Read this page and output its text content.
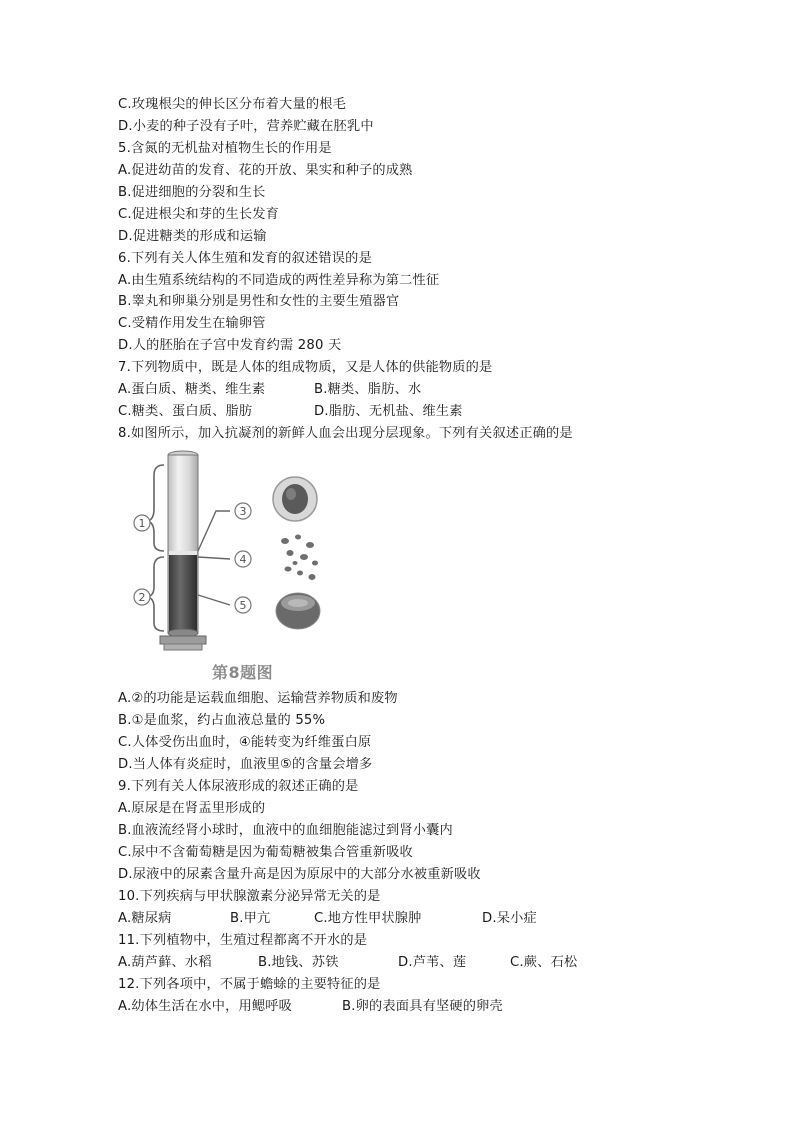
C.玫瑰根尖的伸长区分布着大量的根毛
D.小麦的种子没有子叶，营养贮藏在胚乳中
5.含氮的无机盐对植物生长的作用是
A.促进幼苗的发育、花的开放、果实和种子的成熟
B.促进细胞的分裂和生长
C.促进根尖和芽的生长发育
D.促进糖类的形成和运输
6.下列有关人体生殖和发育的叙述错误的是
A.由生殖系统结构的不同造成的两性差异称为第二性征
B.睾丸和卵巢分别是男性和女性的主要生殖器官
C.受精作用发生在输卵管
D.人的胚胎在子宫中发育约需 280 天
7.下列物质中，既是人体的组成物质，又是人体的供能物质的是
A.蛋白质、糖类、维生素	B.糖类、脂肪、水
C.糖类、蛋白质、脂肪	D.脂肪、无机盐、维生素
8.如图所示，加入抗凝剂的新鲜人血会出现分层现象。下列有关叙述正确的是
1
2
3
4
5
第8题图
A.②的功能是运载血细胞、运输营养物质和废物
B.①是血浆，约占血液总量的 55%
C.人体受伤出血时，④能转变为纤维蛋白原
D.当人体有炎症时，血液里⑤的含量会增多
9.下列有关人体尿液形成的叙述正确的是
A.原尿是在肾盂里形成的
B.血液流经肾小球时，血液中的血细胞能滤过到肾小囊内
C.尿中不含葡萄糖是因为葡萄糖被集合管重新吸收
D.尿液中的尿素含量升高是因为原尿中的大部分水被重新吸收
10.下列疾病与甲状腺激素分泌异常无关的是
A.糖尿病	B.甲亢	C.地方性甲状腺肿	D.呆小症
11.下列植物中，生殖过程都离不开水的是
A.葫芦藓、水稻	B.地钱、苏铁	D.芦苇、莲	C.蕨、石松
12.下列各项中，不属于蟾蜍的主要特征的是
A.幼体生活在水中，用鳃呼吸	B.卵的表面具有坚硬的卵壳
